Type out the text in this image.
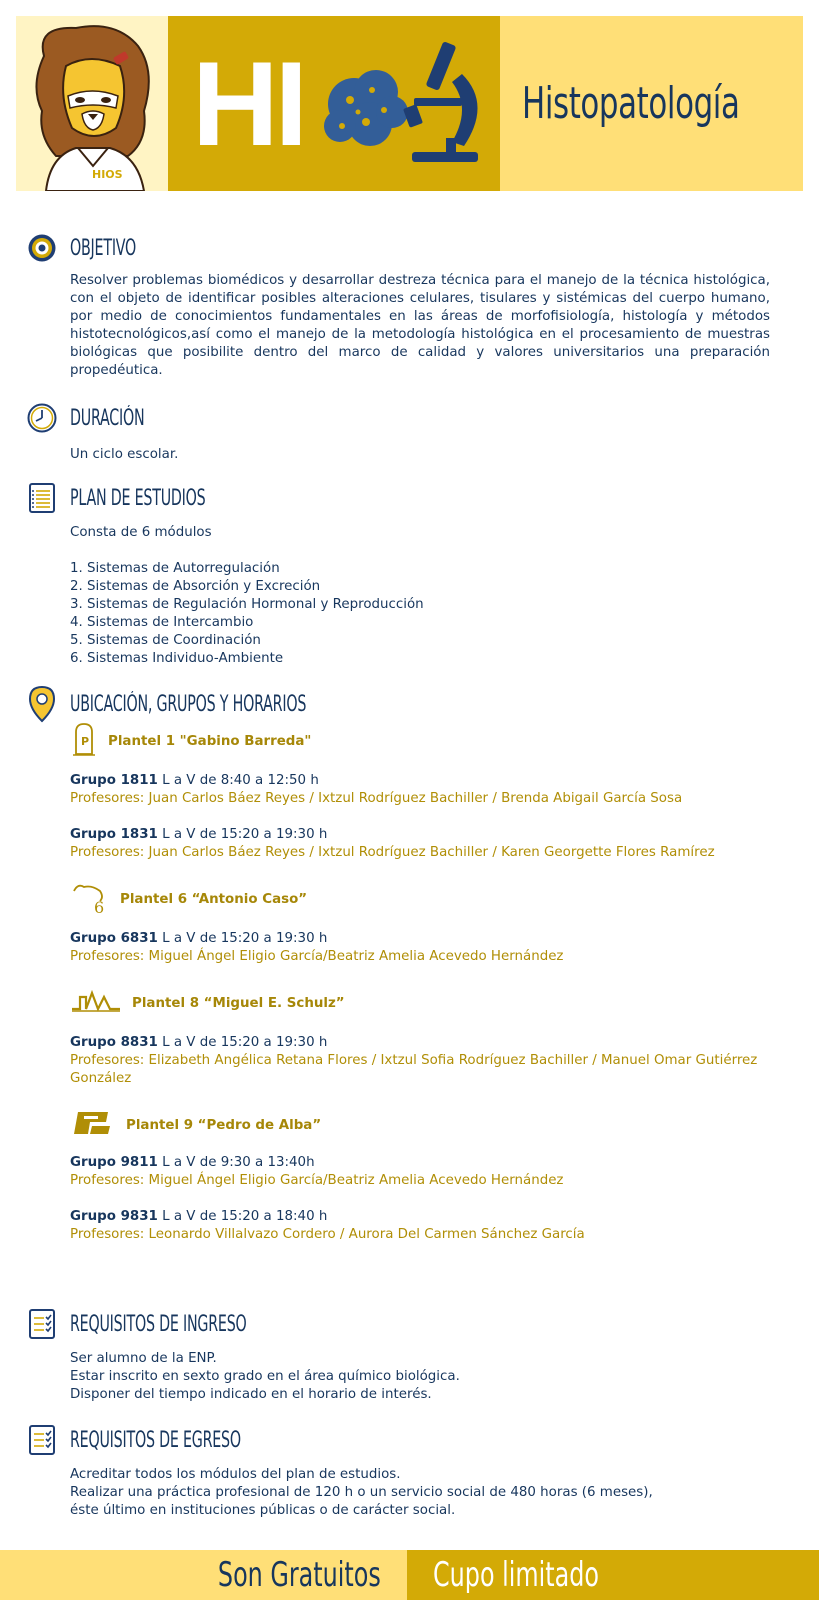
HIOS
HI	Histopatología
OBJETIVO
Resolver problemas biomédicos y desarrollar destreza técnica para el manejo de la técnica histológica, con el objeto de identificar posibles alteraciones celulares, tisulares y sistémicas del cuerpo humano, por medio de conocimientos fundamentales en las áreas de morfofisiología, histología y métodos histotecnológicos,así como el manejo de la metodología histológica en el procesamiento de muestras biológicas que posibilite dentro del marco de calidad y valores universitarios una preparación propedéutica.
DURACIÓN
Un ciclo escolar.
PLAN DE ESTUDIOS
Consta de 6 módulos
1. Sistemas de Autorregulación
2. Sistemas de Absorción y Excreción
3. Sistemas de Regulación Hormonal y Reproducción
4. Sistemas de Intercambio
5. Sistemas de Coordinación
6. Sistemas Individuo-Ambiente
UBICACIÓN, GRUPOS Y HORARIOS
P Plantel 1 "Gabino Barreda"
Grupo 1811 L a V de 8:40 a 12:50 h
Profesores: Juan Carlos Báez Reyes / Ixtzul Rodríguez Bachiller / Brenda Abigail García Sosa
Grupo 1831 L a V de 15:20 a 19:30 h
Profesores: Juan Carlos Báez Reyes / Ixtzul Rodríguez Bachiller / Karen Georgette Flores Ramírez
6 Plantel 6 “Antonio Caso”
Grupo 6831 L a V de 15:20 a 19:30 h
Profesores: Miguel Ángel Eligio García/Beatriz Amelia Acevedo Hernández
Plantel 8 “Miguel E. Schulz”
Grupo 8831 L a V de 15:20 a 19:30 h
Profesores: Elizabeth Angélica Retana Flores / Ixtzul Sofia Rodríguez Bachiller / Manuel Omar Gutiérrez González
Plantel 9 “Pedro de Alba”
Grupo 9811 L a V de 9:30 a 13:40h
Profesores: Miguel Ángel Eligio García/Beatriz Amelia Acevedo Hernández
Grupo 9831 L a V de 15:20 a 18:40 h
Profesores: Leonardo Villalvazo Cordero / Aurora Del Carmen Sánchez García
REQUISITOS DE INGRESO
Ser alumno de la ENP.
Estar inscrito en sexto grado en el área químico biológica.
Disponer del tiempo indicado en el horario de interés.
REQUISITOS DE EGRESO
Acreditar todos los módulos del plan de estudios.
Realizar una práctica profesional de 120 h o un servicio social de 480 horas (6 meses),
éste último en instituciones públicas o de carácter social.
Son Gratuitos Cupo limitado
